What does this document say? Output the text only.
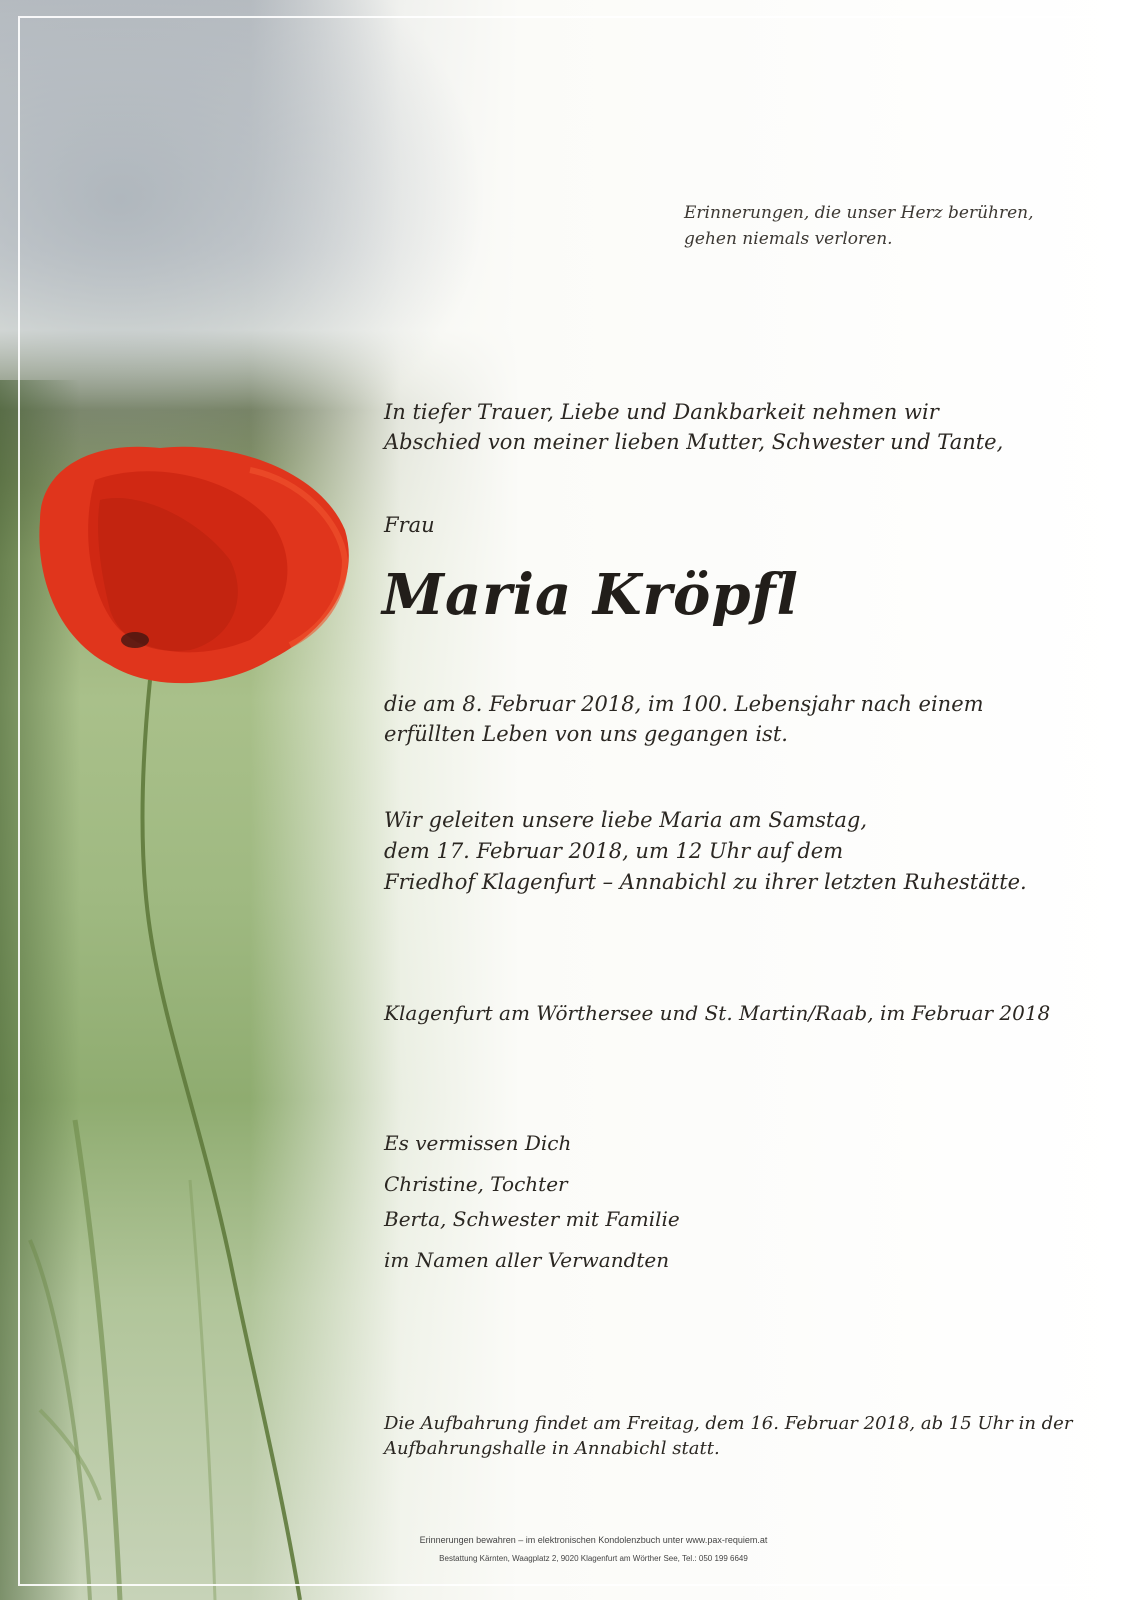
Erinnerungen, die unser Herz berühren,
gehen niemals verloren.

In tiefer Trauer, Liebe und Dankbarkeit nehmen wir
Abschied von meiner lieben Mutter, Schwester und Tante,

Frau

Maria Kröpfl

die am 8. Februar 2018, im 100. Lebensjahr nach einem
erfüllten Leben von uns gegangen ist.

Wir geleiten unsere liebe Maria am Samstag,
dem 17. Februar 2018, um 12 Uhr auf dem
Friedhof Klagenfurt – Annabichl zu ihrer letzten Ruhestätte.

Klagenfurt am Wörthersee und St. Martin/Raab, im Februar 2018

Es vermissen Dich

Christine, Tochter

Berta, Schwester mit Familie

im Namen aller Verwandten

Die Aufbahrung findet am Freitag, dem 16. Februar 2018, ab 15 Uhr in der
Aufbahrungshalle in Annabichl statt.

Erinnerungen bewahren – im elektronischen Kondolenzbuch unter www.pax-requiem.at
Bestattung Kärnten, Waagplatz 2, 9020 Klagenfurt am Wörther See, Tel.: 050 199 6649
